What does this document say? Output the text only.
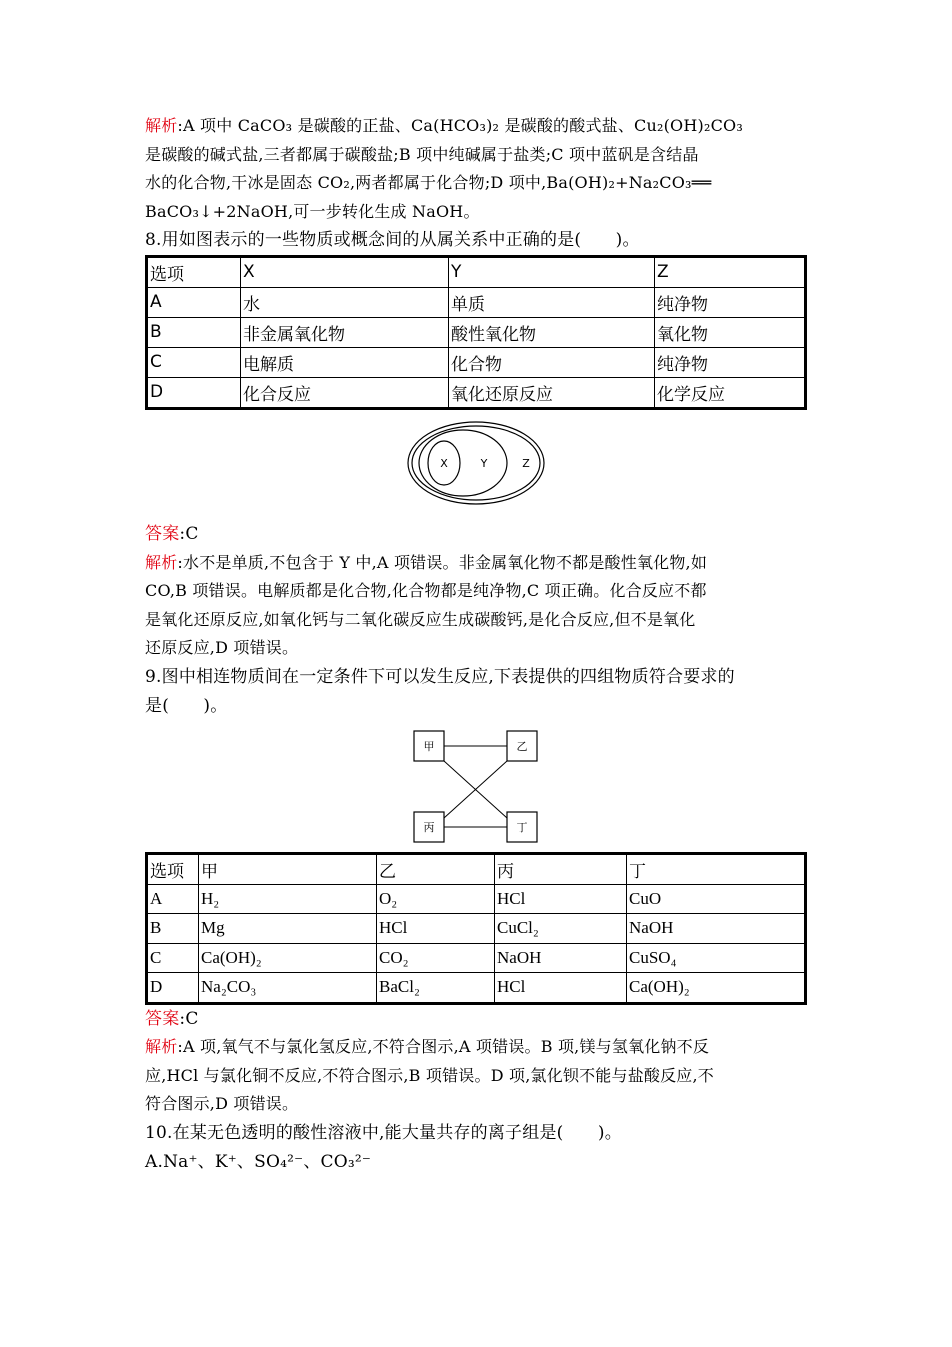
解析:A 项中 CaCO₃ 是碳酸的正盐、Ca(HCO₃)₂ 是碳酸的酸式盐、Cu₂(OH)₂CO₃
是碳酸的碱式盐,三者都属于碳酸盐;B 项中纯碱属于盐类;C 项中蓝矾是含结晶
水的化合物,干冰是固态 CO₂,两者都属于化合物;D 项中,Ba(OH)₂+Na₂CO₃══
BaCO₃↓+2NaOH,可一步转化生成 NaOH。
8.用如图表示的一些物质或概念间的从属关系中正确的是(　　)。
选项	X	Y	Z
A	水	单质	纯净物
B	非金属氧化物	酸性氧化物	氧化物
C	电解质	化合物	纯净物
D	化合反应	氧化还原反应	化学反应
X	Y	Z
答案:C
解析:水不是单质,不包含于 Y 中,A 项错误。非金属氧化物不都是酸性氧化物,如
CO,B 项错误。电解质都是化合物,化合物都是纯净物,C 项正确。化合反应不都
是氧化还原反应,如氧化钙与二氧化碳反应生成碳酸钙,是化合反应,但不是氧化
还原反应,D 项错误。
9.图中相连物质间在一定条件下可以发生反应,下表提供的四组物质符合要求的
是(　　)。
甲	乙
丙	丁
选项	甲	乙	丙	丁
A	H₂	O₂	HCl	CuO
B	Mg	HCl	CuCl₂	NaOH
C	Ca(OH)₂	CO₂	NaOH	CuSO₄
D	Na₂CO₃	BaCl₂	HCl	Ca(OH)₂
答案:C
解析:A 项,氧气不与氯化氢反应,不符合图示,A 项错误。B 项,镁与氢氧化钠不反
应,HCl 与氯化铜不反应,不符合图示,B 项错误。D 项,氯化钡不能与盐酸反应,不
符合图示,D 项错误。
10.在某无色透明的酸性溶液中,能大量共存的离子组是(　　)。
A.Na⁺、K⁺、SO₄²⁻、CO₃²⁻
